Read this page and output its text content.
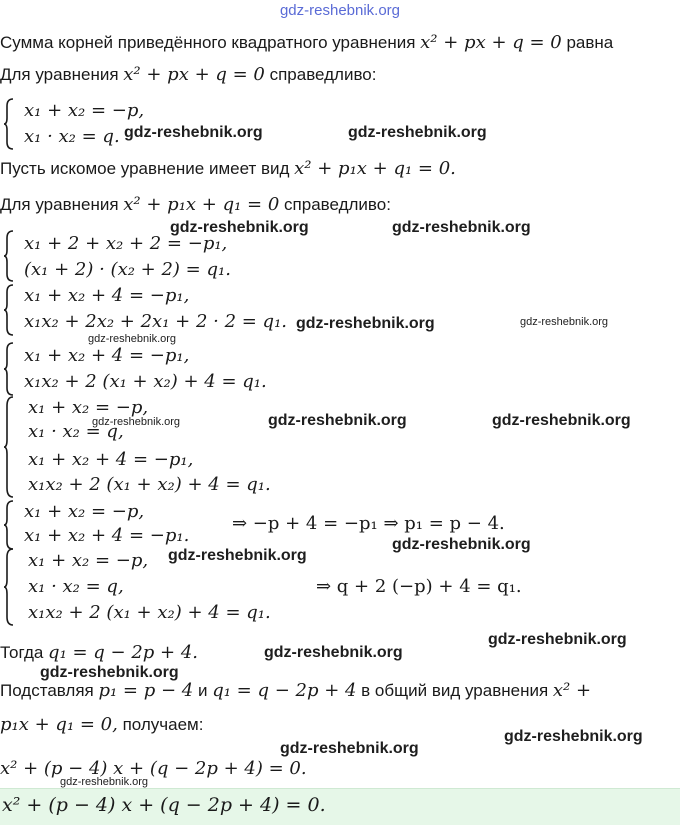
gdz-reshebnik.org
Сумма корней приведённого квадратного уравнения x² + px + q = 0 равна
Для уравнения x² + px + q = 0 справедливо:
x₁ + x₂ = −p,
x₁ · x₂ = q.
Пусть искомое уравнение имеет вид x² + p₁x + q₁ = 0.
Для уравнения x² + p₁x + q₁ = 0 справедливо:
x₁ + 2 + x₂ + 2 = −p₁,
(x₁ + 2) · (x₂ + 2) = q₁.
x₁ + x₂ + 4 = −p₁,
x₁x₂ + 2x₂ + 2x₁ + 2 · 2 = q₁.
x₁ + x₂ + 4 = −p₁,
x₁x₂ + 2 (x₁ + x₂) + 4 = q₁.
x₁ + x₂ = −p,
x₁ · x₂ = q,
x₁ + x₂ + 4 = −p₁,
x₁x₂ + 2 (x₁ + x₂) + 4 = q₁.
x₁ + x₂ = −p,
x₁ + x₂ + 4 = −p₁.
⇒ −p + 4 = −p₁ ⇒ p₁ = p − 4.
x₁ + x₂ = −p,
x₁ · x₂ = q,
x₁x₂ + 2 (x₁ + x₂) + 4 = q₁.
⇒ q + 2 (−p) + 4 = q₁.
Тогда q₁ = q − 2p + 4.
Подставляя p₁ = p − 4 и q₁ = q − 2p + 4 в общий вид уравнения x² +
p₁x + q₁ = 0, получаем:
x² + (p − 4) x + (q − 2p + 4) = 0.
x² + (p − 4) x + (q − 2p + 4) = 0.
gdz-reshebnik.org	gdz-reshebnik.org
gdz-reshebnik.org	gdz-reshebnik.org
gdz-reshebnik.org	gdz-reshebnik.org
gdz-reshebnik.org
gdz-reshebnik.org	gdz-reshebnik.org
gdz-reshebnik.org
gdz-reshebnik.org
gdz-reshebnik.org
gdz-reshebnik.org
gdz-reshebnik.org
gdz-reshebnik.org
gdz-reshebnik.org
gdz-reshebnik.org
gdz-reshebnik.org
